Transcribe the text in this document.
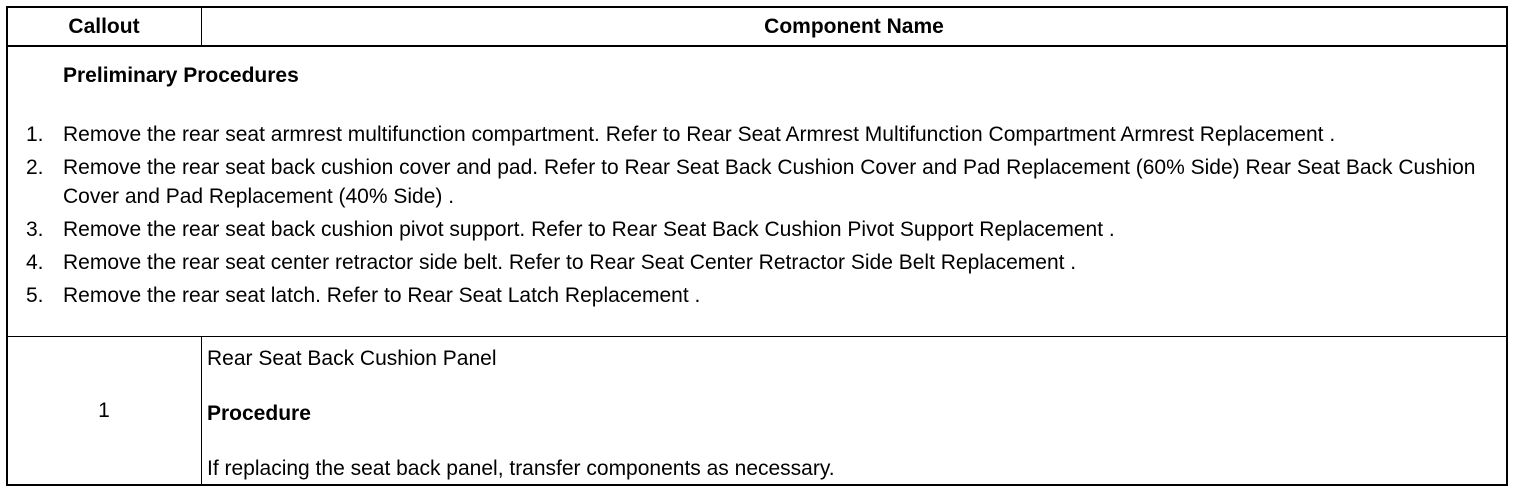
Callout	Component Name
Preliminary Procedures
1. Remove the rear seat armrest multifunction compartment. Refer to Rear Seat Armrest Multifunction Compartment Armrest Replacement .
2. Remove the rear seat back cushion cover and pad. Refer to Rear Seat Back Cushion Cover and Pad Replacement (60% Side) Rear Seat Back Cushion Cover and Pad Replacement (40% Side) .
3. Remove the rear seat back cushion pivot support. Refer to Rear Seat Back Cushion Pivot Support Replacement .
4. Remove the rear seat center retractor side belt. Refer to Rear Seat Center Retractor Side Belt Replacement .
5. Remove the rear seat latch. Refer to Rear Seat Latch Replacement .
1
Rear Seat Back Cushion Panel
Procedure
If replacing the seat back panel, transfer components as necessary.
